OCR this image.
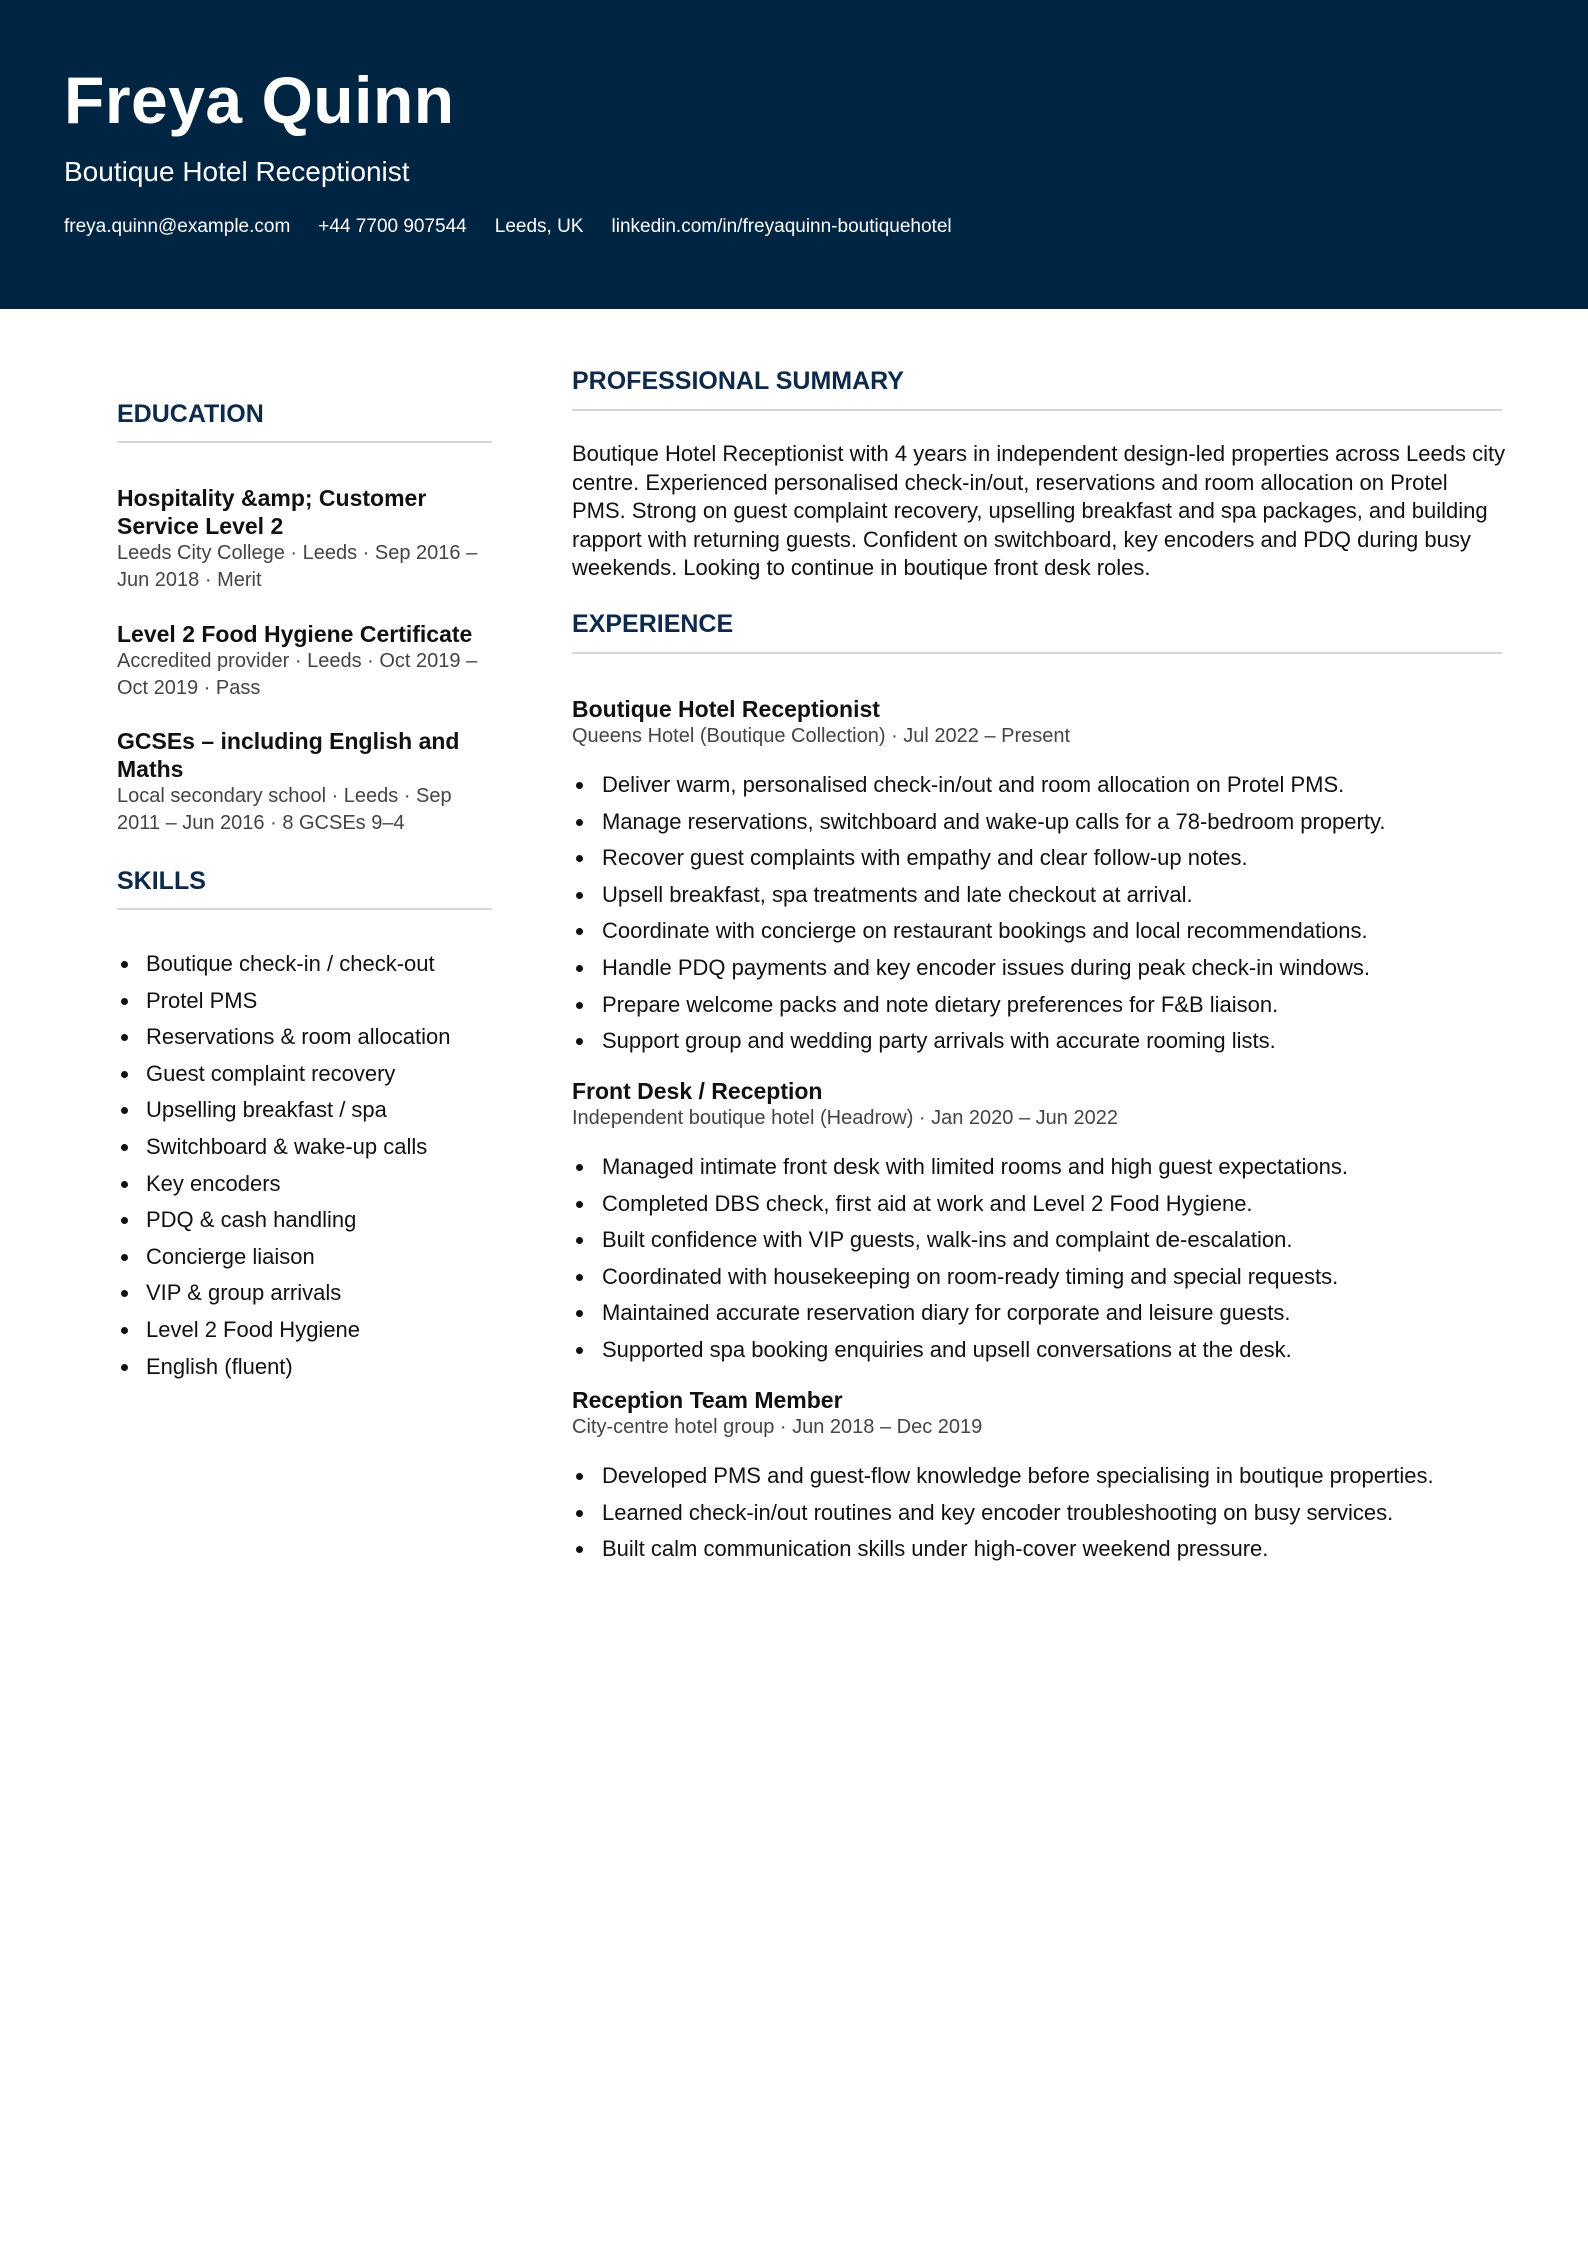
Freya Quinn
Boutique Hotel Receptionist
freya.quinn@example.com +44 7700 907544 Leeds, UK linkedin.com/in/freyaquinn-boutiquehotel
EDUCATION
Hospitality &amp; Customer Service Level 2
Leeds City College · Leeds · Sep 2016 – Jun 2018 · Merit
Level 2 Food Hygiene Certificate
Accredited provider · Leeds · Oct 2019 – Oct 2019 · Pass
GCSEs – including English and Maths
Local secondary school · Leeds · Sep 2011 – Jun 2016 · 8 GCSEs 9–4
SKILLS
Boutique check-in / check-out
Protel PMS
Reservations & room allocation
Guest complaint recovery
Upselling breakfast / spa
Switchboard & wake-up calls
Key encoders
PDQ & cash handling
Concierge liaison
VIP & group arrivals
Level 2 Food Hygiene
English (fluent)
PROFESSIONAL SUMMARY
Boutique Hotel Receptionist with 4 years in independent design-led properties across Leeds city centre. Experienced personalised check-in/out, reservations and room allocation on Protel PMS. Strong on guest complaint recovery, upselling breakfast and spa packages, and building rapport with returning guests. Confident on switchboard, key encoders and PDQ during busy weekends. Looking to continue in boutique front desk roles.
EXPERIENCE
Boutique Hotel Receptionist
Queens Hotel (Boutique Collection) · Jul 2022 – Present
Deliver warm, personalised check-in/out and room allocation on Protel PMS.
Manage reservations, switchboard and wake-up calls for a 78-bedroom property.
Recover guest complaints with empathy and clear follow-up notes.
Upsell breakfast, spa treatments and late checkout at arrival.
Coordinate with concierge on restaurant bookings and local recommendations.
Handle PDQ payments and key encoder issues during peak check-in windows.
Prepare welcome packs and note dietary preferences for F&B liaison.
Support group and wedding party arrivals with accurate rooming lists.
Front Desk / Reception
Independent boutique hotel (Headrow) · Jan 2020 – Jun 2022
Managed intimate front desk with limited rooms and high guest expectations.
Completed DBS check, first aid at work and Level 2 Food Hygiene.
Built confidence with VIP guests, walk-ins and complaint de-escalation.
Coordinated with housekeeping on room-ready timing and special requests.
Maintained accurate reservation diary for corporate and leisure guests.
Supported spa booking enquiries and upsell conversations at the desk.
Reception Team Member
City-centre hotel group · Jun 2018 – Dec 2019
Developed PMS and guest-flow knowledge before specialising in boutique properties.
Learned check-in/out routines and key encoder troubleshooting on busy services.
Built calm communication skills under high-cover weekend pressure.
